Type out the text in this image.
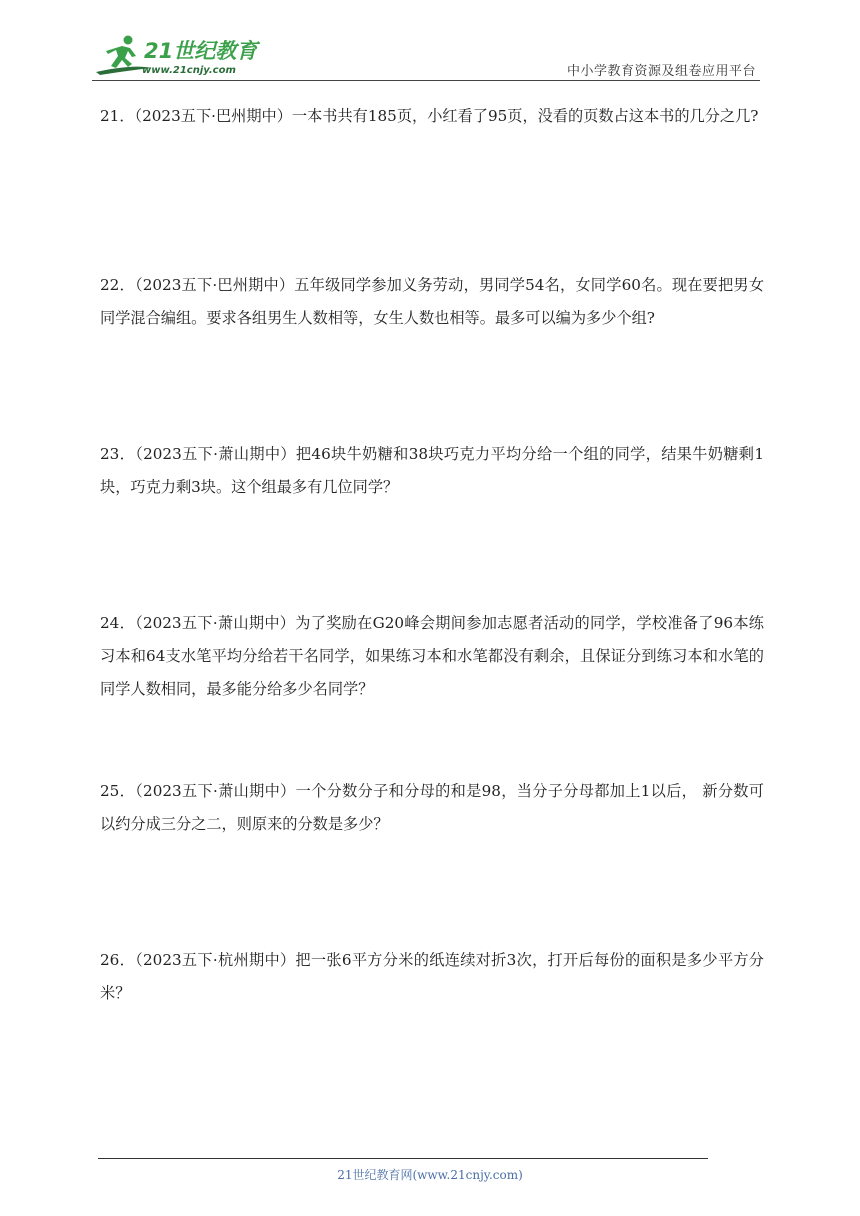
21世纪教育
www.21cnjy.com	中小学教育资源及组卷应用平台
21．（2023五下·巴州期中）一本书共有185页，小红看了95页，没看的页数占这本书的几分之几?
22．（2023五下·巴州期中）五年级同学参加义务劳动，男同学54名，女同学60名。现在要把男女同学混合编组。要求各组男生人数相等，女生人数也相等。最多可以编为多少个组?
23．（2023五下·萧山期中）把46块牛奶糖和38块巧克力平均分给一个组的同学，结果牛奶糖剩1块，巧克力剩3块。这个组最多有几位同学？
24．（2023五下·萧山期中）为了奖励在G20峰会期间参加志愿者活动的同学，学校准备了96本练习本和64支水笔平均分给若干名同学，如果练习本和水笔都没有剩余，且保证分到练习本和水笔的同学人数相同，最多能分给多少名同学？
25．（2023五下·萧山期中）一个分数分子和分母的和是98，当分子分母都加上1以后， 新分数可以约分成三分之二，则原来的分数是多少？
26．（2023五下·杭州期中）把一张6平方分米的纸连续对折3次，打开后每份的面积是多少平方分米？
21世纪教育网(www.21cnjy.com)
